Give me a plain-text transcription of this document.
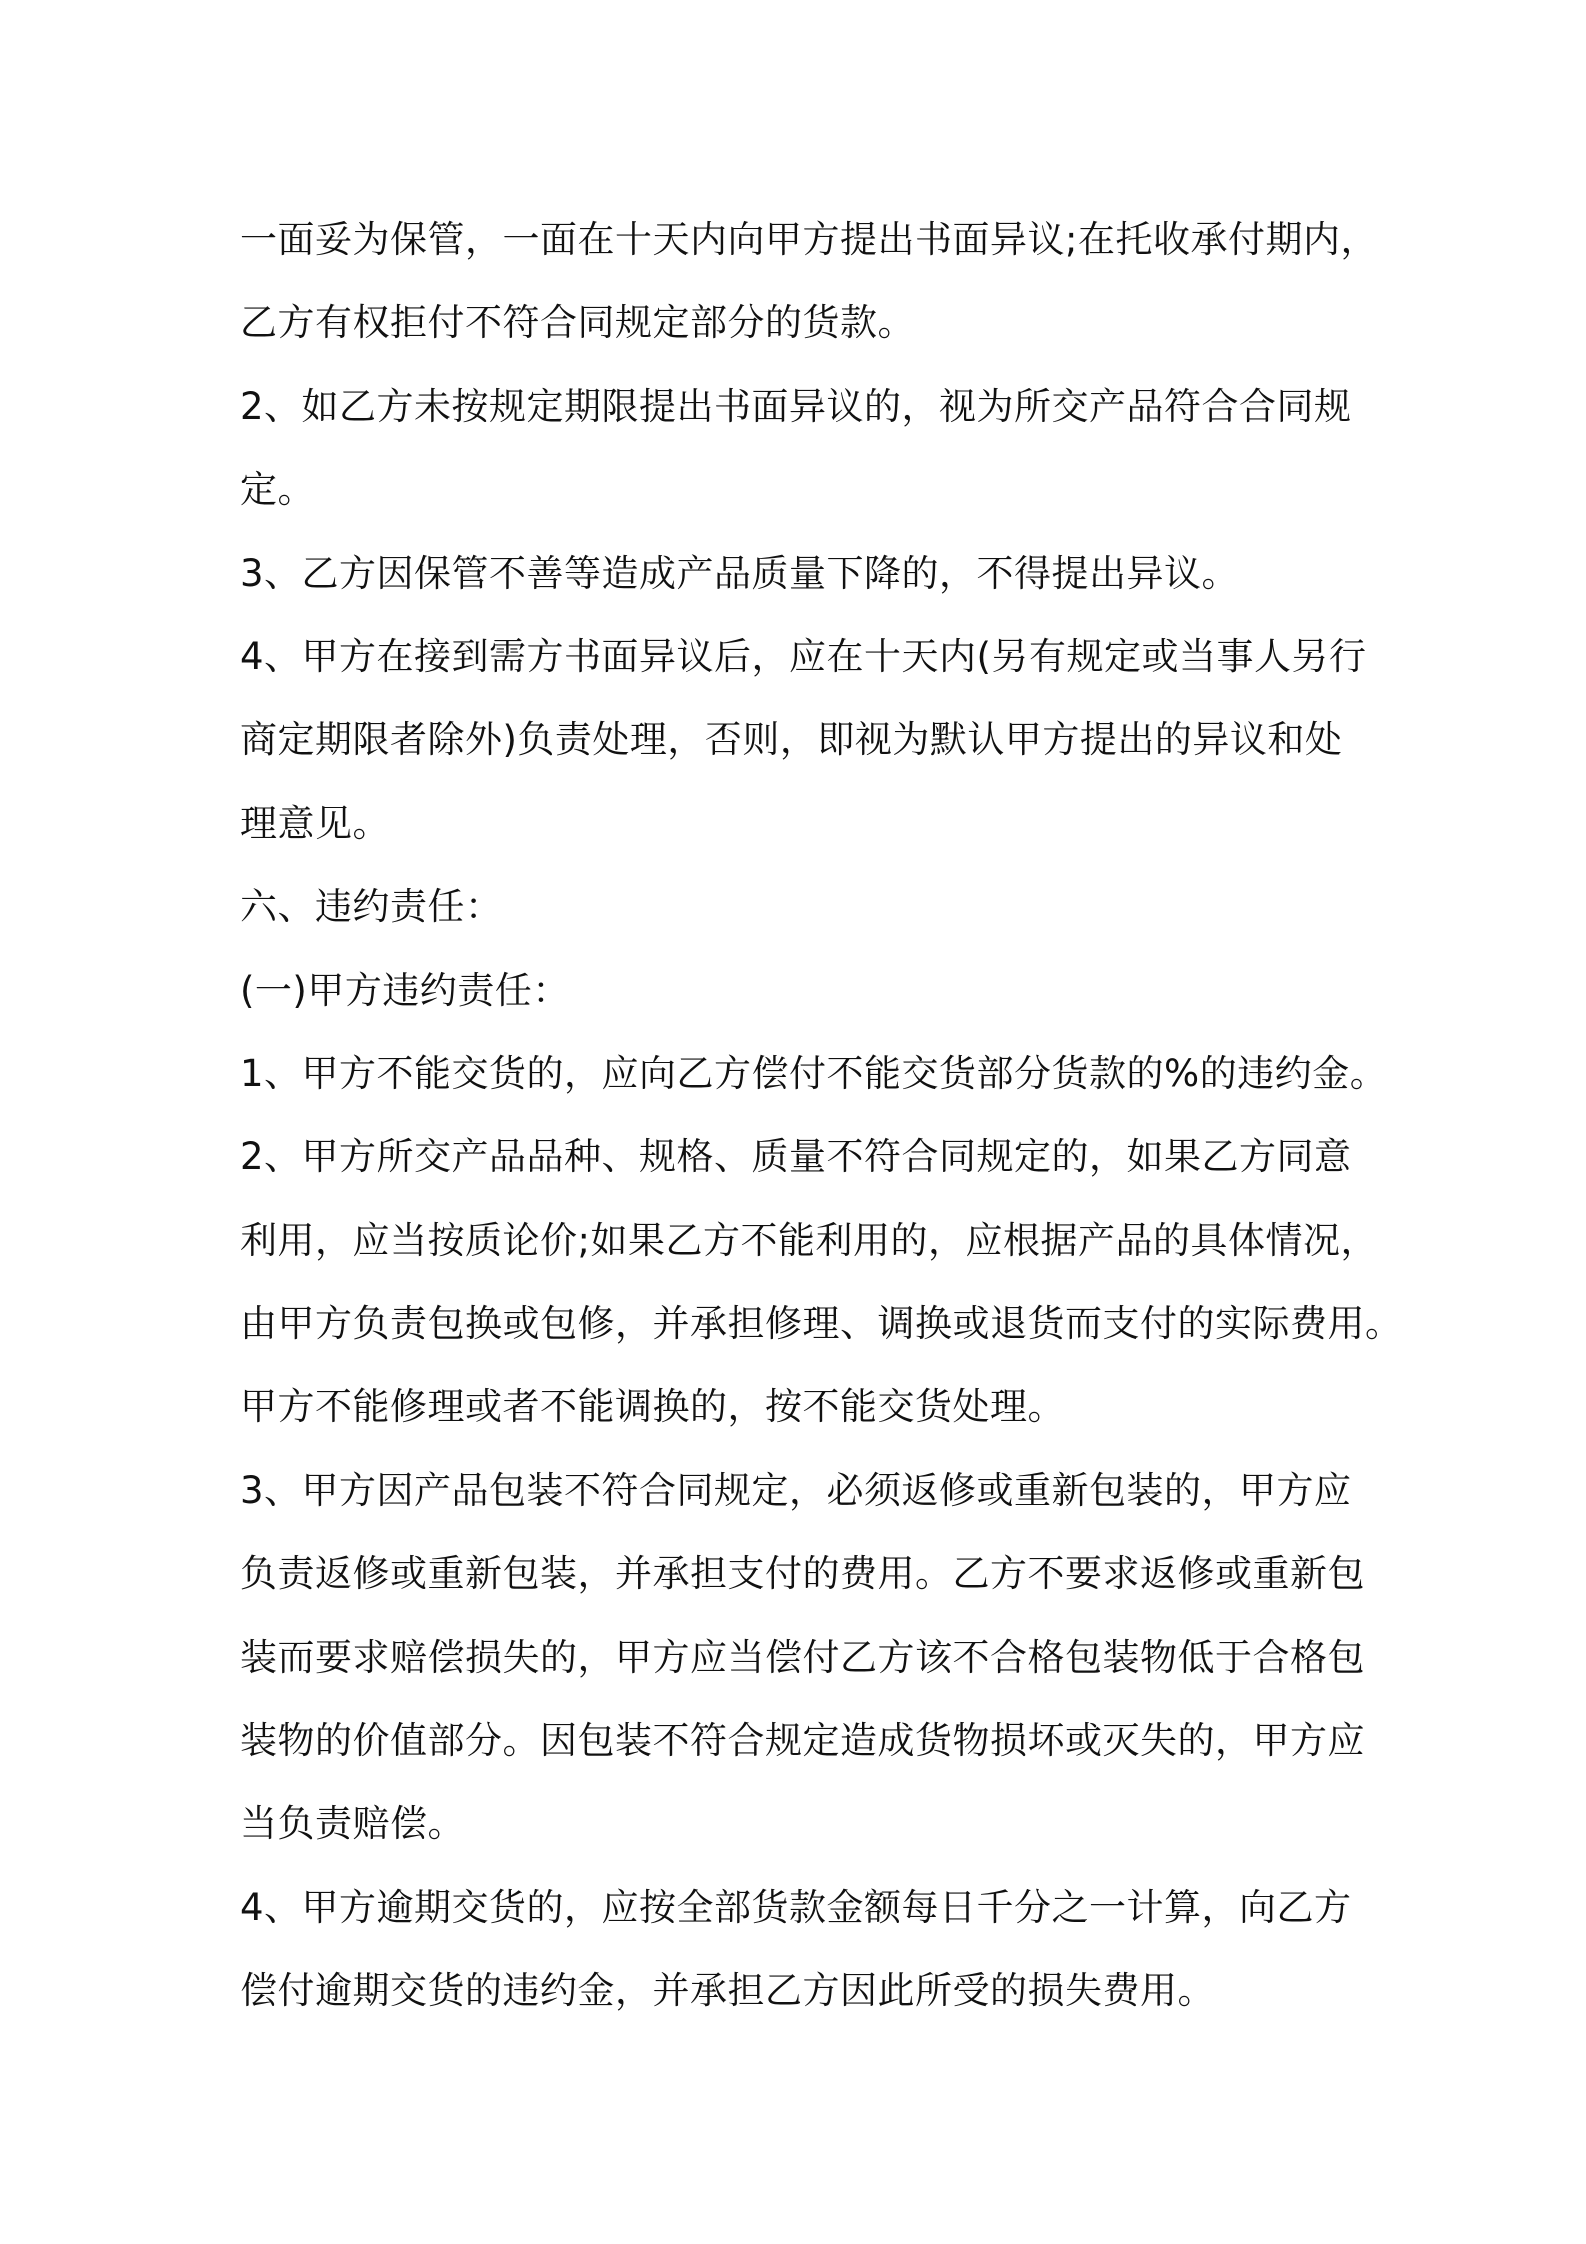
一面妥为保管，一面在十天内向甲方提出书面异议;在托收承付期内，
乙方有权拒付不符合同规定部分的货款。
2、如乙方未按规定期限提出书面异议的，视为所交产品符合合同规
定。
3、乙方因保管不善等造成产品质量下降的，不得提出异议。
4、甲方在接到需方书面异议后，应在十天内(另有规定或当事人另行
商定期限者除外)负责处理，否则，即视为默认甲方提出的异议和处
理意见。
六、违约责任：
(一)甲方违约责任：
1、甲方不能交货的，应向乙方偿付不能交货部分货款的%的违约金。
2、甲方所交产品品种、规格、质量不符合同规定的，如果乙方同意
利用，应当按质论价;如果乙方不能利用的，应根据产品的具体情况，
由甲方负责包换或包修，并承担修理、调换或退货而支付的实际费用。
甲方不能修理或者不能调换的，按不能交货处理。
3、甲方因产品包装不符合同规定，必须返修或重新包装的，甲方应
负责返修或重新包装，并承担支付的费用。乙方不要求返修或重新包
装而要求赔偿损失的，甲方应当偿付乙方该不合格包装物低于合格包
装物的价值部分。因包装不符合规定造成货物损坏或灭失的，甲方应
当负责赔偿。
4、甲方逾期交货的，应按全部货款金额每日千分之一计算，向乙方
偿付逾期交货的违约金，并承担乙方因此所受的损失费用。
